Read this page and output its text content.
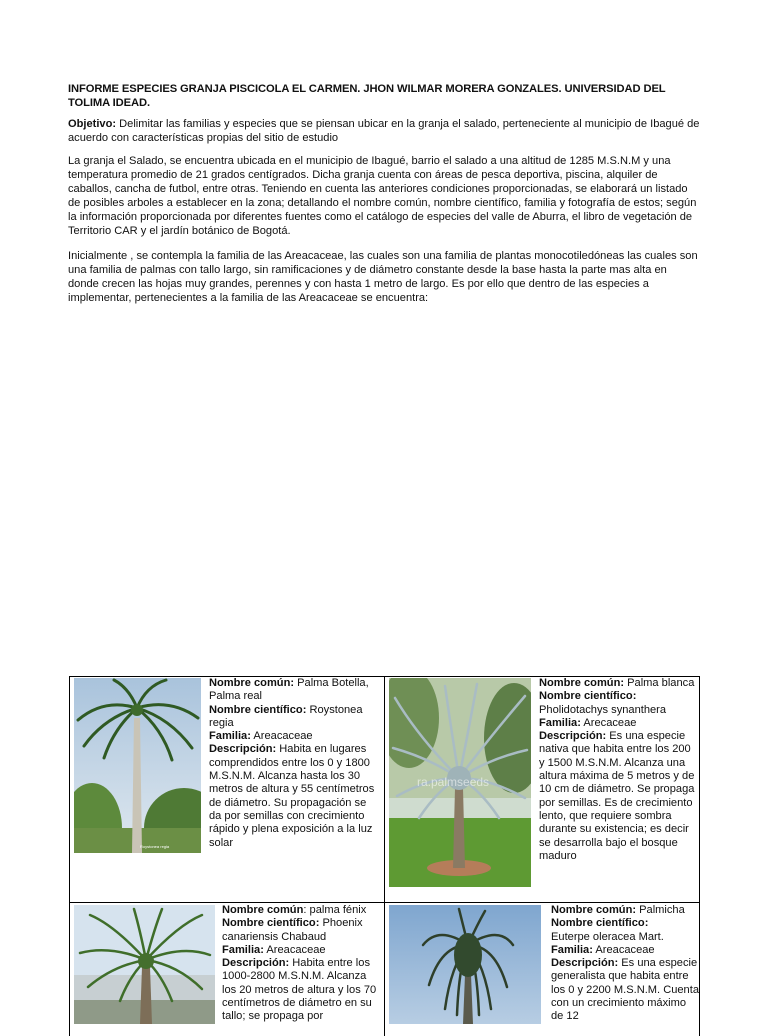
INFORME ESPECIES GRANJA PISCICOLA EL CARMEN. JHON WILMAR MORERA GONZALES. UNIVERSIDAD DEL TOLIMA IDEAD.
Objetivo: Delimitar las familias y especies que se piensan ubicar en la granja el salado, perteneciente al municipio de Ibagué de acuerdo con características propias del sitio de estudio
La granja el Salado, se encuentra ubicada en el municipio de Ibagué, barrio el salado a una altitud de 1285 M.S.N.M y una temperatura promedio de 21 grados centígrados. Dicha granja cuenta con áreas de pesca deportiva, piscina, alquiler de caballos, cancha de futbol, entre otras. Teniendo en cuenta las anteriores condiciones proporcionadas, se elaborará un listado de posibles arboles a establecer en la zona; detallando el nombre común, nombre científico, familia y fotografía de estos; según la información proporcionada por diferentes fuentes como el catálogo de especies del valle de Aburra, el libro de vegetación de Territorio CAR y el jardín botánico de Bogotá.
Inicialmente , se contempla la familia de las Areacaceae, las cuales son una familia de plantas monocotiledóneas las cuales son una familia de palmas con tallo largo, sin ramificaciones y de diámetro constante desde la base hasta la parte mas alta en donde crecen las hojas muy grandes, perennes y con hasta 1 metro de largo. Es por ello que dentro de las especies a implementar, pertenecientes a la familia de las Areacaceae se encuentra:
Roystonea regia
Nombre común: Palma Botella, Palma real
Nombre científico: Roystonea regia
Familia: Areacaceae
Descripción: Habita en lugares comprendidos entre los 0 y 1800 M.S.N.M. Alcanza hasta los 30 metros de altura y 55 centímetros de diámetro. Su propagación se da por semillas con crecimiento rápido y plena exposición a la luz solar
ra.palmseeds
Nombre común: Palma blanca
Nombre científico:
Pholidotachys synanthera
Familia: Arecaceae
Descripción: Es una especie nativa que habita entre los 200 y 1500 M.S.N.M. Alcanza una altura máxima de 5 metros y de 10 cm de diámetro. Se propaga por semillas. Es de crecimiento lento, que requiere sombra durante su existencia; es decir se desarrolla bajo el bosque maduro
Nombre común: palma fénix
Nombre científico: Phoenix canariensis Chabaud
Familia: Areacaceae
Descripción: Habita entre los 1000-2800 M.S.N.M. Alcanza los 20 metros de altura y los 70 centímetros de diámetro en su tallo; se propaga por
Nombre común: Palmicha
Nombre científico:
Euterpe oleracea Mart.
Familia: Areacaceae
Descripción: Es una especie generalista que habita entre los 0 y 2200 M.S.N.M. Cuenta con un crecimiento máximo de 12
